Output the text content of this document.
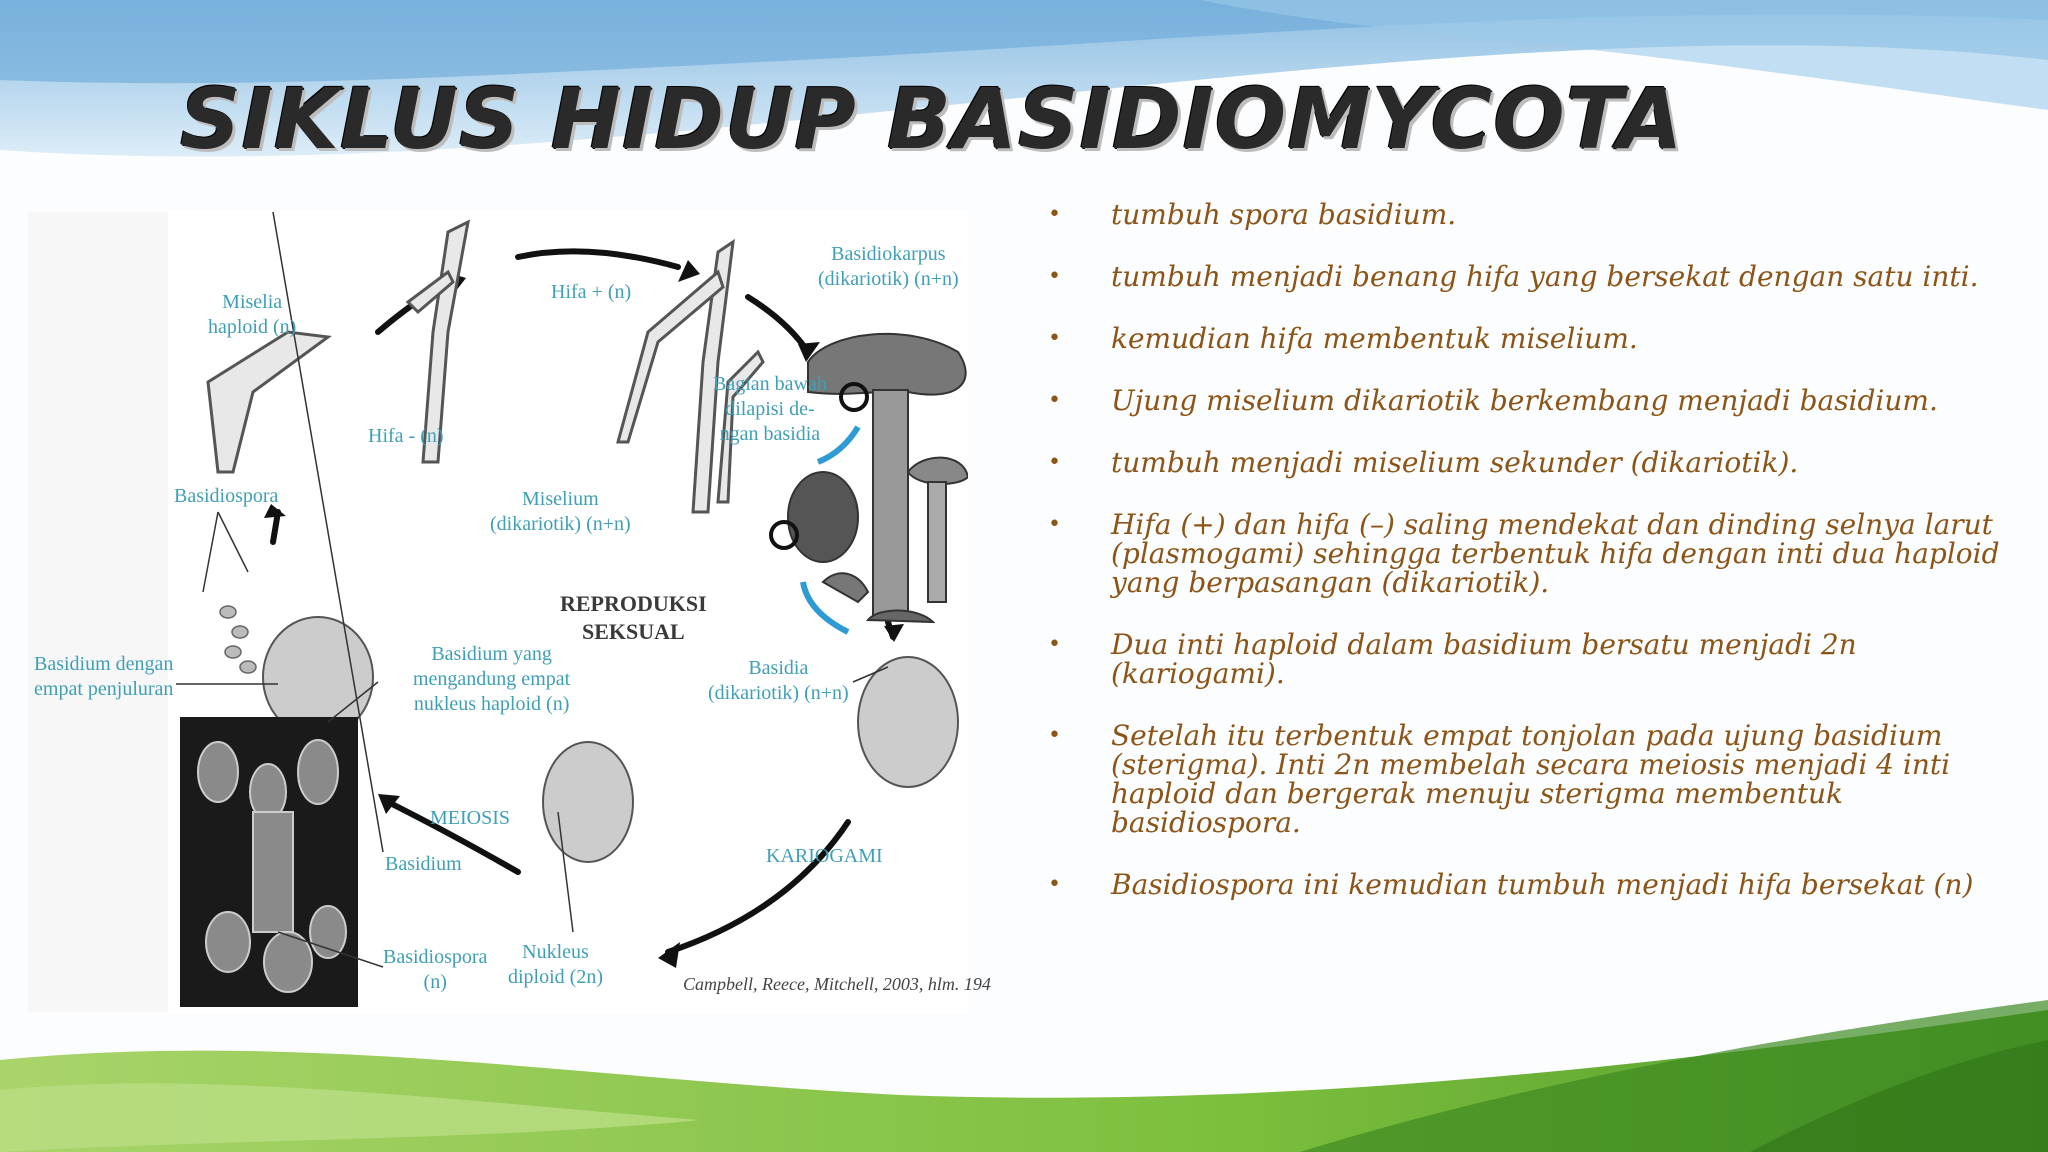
SIKLUS HIDUP BASIDIOMYCOTA
Miselia
haploid (n)
Hifa + (n)
Hifa - (n)
Basidiokarpus
(dikariotik) (n+n)
Bagian bawah
dilapisi de-
ngan basidia
Basidiospora	Miselium
(dikariotik) (n+n)
REPRODUKSI
SEKSUAL
Basidium dengan
empat penjuluran
Basidium yang
mengandung empat
nukleus haploid (n)
Basidia
(dikariotik) (n+n)
MEIOSIS
Basidium	KARIOGAMI
Basidiospora
(n)
Nukleus
diploid (2n)	Campbell, Reece, Mitchell, 2003, hlm. 194
• tumbuh spora basidium.
• tumbuh menjadi benang hifa yang bersekat dengan satu inti.
• kemudian hifa membentuk miselium.
• Ujung miselium dikariotik berkembang menjadi basidium.
• tumbuh menjadi miselium sekunder (dikariotik).
• Hifa (+) dan hifa (–) saling mendekat dan dinding selnya larut (plasmogami) sehingga terbentuk hifa dengan inti dua haploid yang berpasangan (dikariotik).
• Dua inti haploid dalam basidium bersatu menjadi 2n (kariogami).
• Setelah itu terbentuk empat tonjolan pada ujung basidium (sterigma). Inti 2n membelah secara meiosis menjadi 4 inti haploid dan bergerak menuju sterigma membentuk basidiospora.
• Basidiospora ini kemudian tumbuh menjadi hifa bersekat (n)
